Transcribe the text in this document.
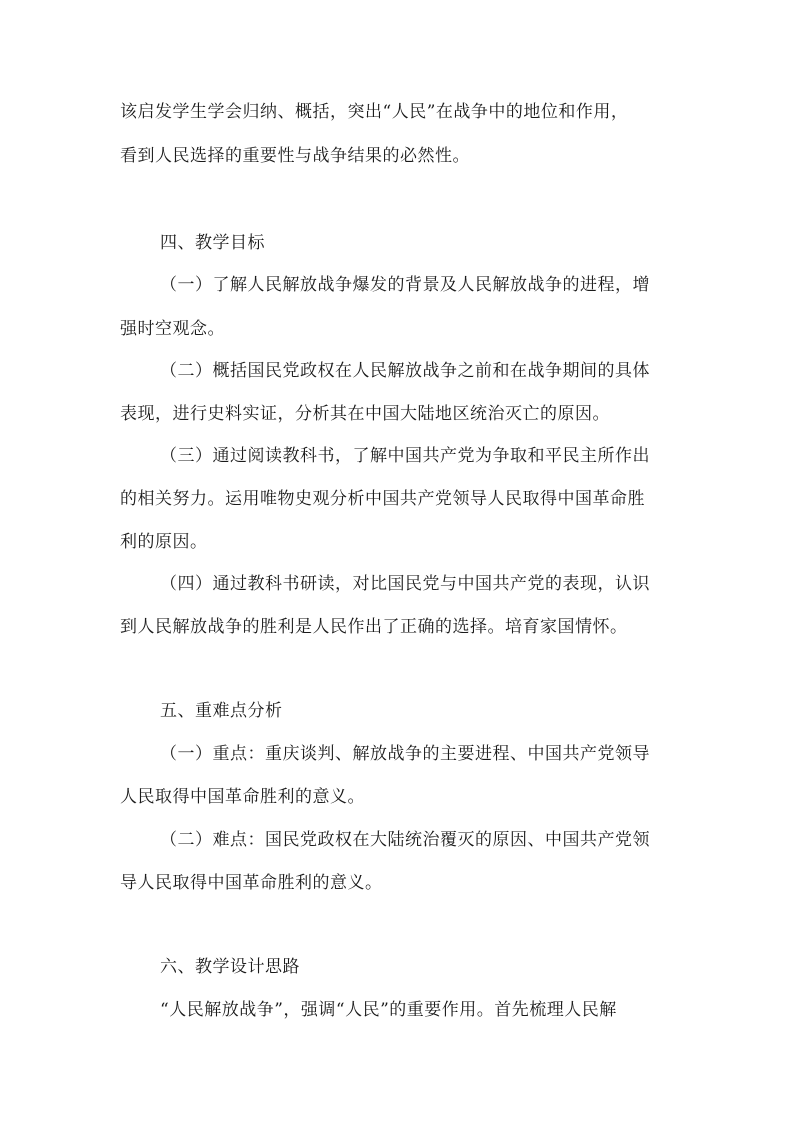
该启发学生学会归纳、概括，突出“人民”在战争中的地位和作用，
看到人民选择的重要性与战争结果的必然性。
四、教学目标
（一）了解人民解放战争爆发的背景及人民解放战争的进程，增
强时空观念。
（二）概括国民党政权在人民解放战争之前和在战争期间的具体
表现，进行史料实证，分析其在中国大陆地区统治灭亡的原因。
（三）通过阅读教科书，了解中国共产党为争取和平民主所作出
的相关努力。运用唯物史观分析中国共产党领导人民取得中国革命胜
利的原因。
（四）通过教科书研读，对比国民党与中国共产党的表现，认识
到人民解放战争的胜利是人民作出了正确的选择。培育家国情怀。
五、重难点分析
（一）重点：重庆谈判、解放战争的主要进程、中国共产党领导
人民取得中国革命胜利的意义。
（二）难点：国民党政权在大陆统治覆灭的原因、中国共产党领
导人民取得中国革命胜利的意义。
六、教学设计思路
“人民解放战争”，强调“人民”的重要作用。首先梳理人民解
